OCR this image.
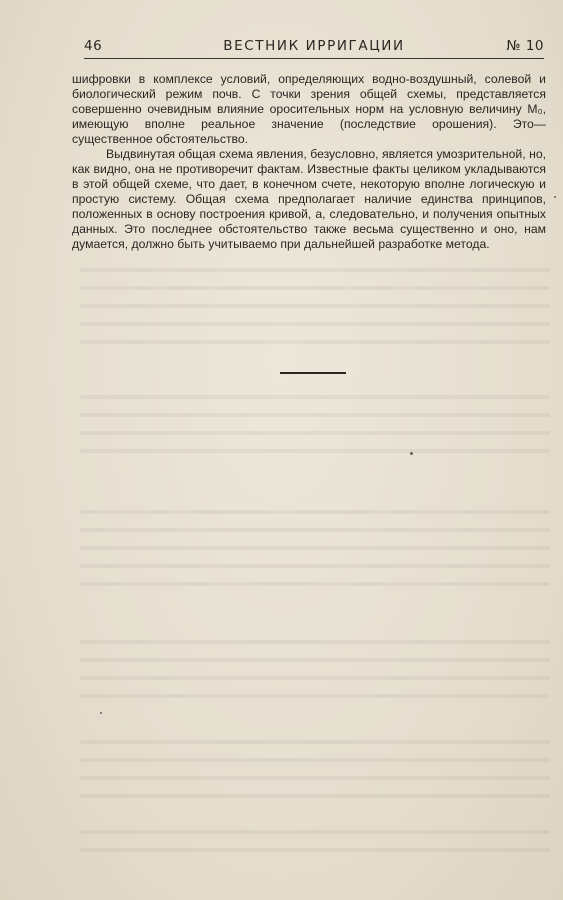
46	ВЕСТНИК ИРРИГАЦИИ	№ 10

шифровки в комплексе условий, определяющих водно-воздушный, солевой и биологический режим почв. С точки зрения общей схемы, представляется совершенно очевидным влияние оросительных норм на условную величину M₀, имеющую вполне реальное значение (последствие орошения). Это—существенное обстоятельство.

Выдвинутая общая схема явления, безусловно, является умозрительной, но, как видно, она не противоречит фактам. Известные факты целиком укладываются в этой общей схеме, что дает, в конечном счете, некоторую вполне логическую и простую систему. Общая схема предполагает наличие единства принципов, положенных в основу построения кривой, а, следовательно, и получения опытных данных. Это последнее обстоятельство также весьма существенно и оно, нам думается, должно быть учитываемо при дальнейшей разработке метода.
